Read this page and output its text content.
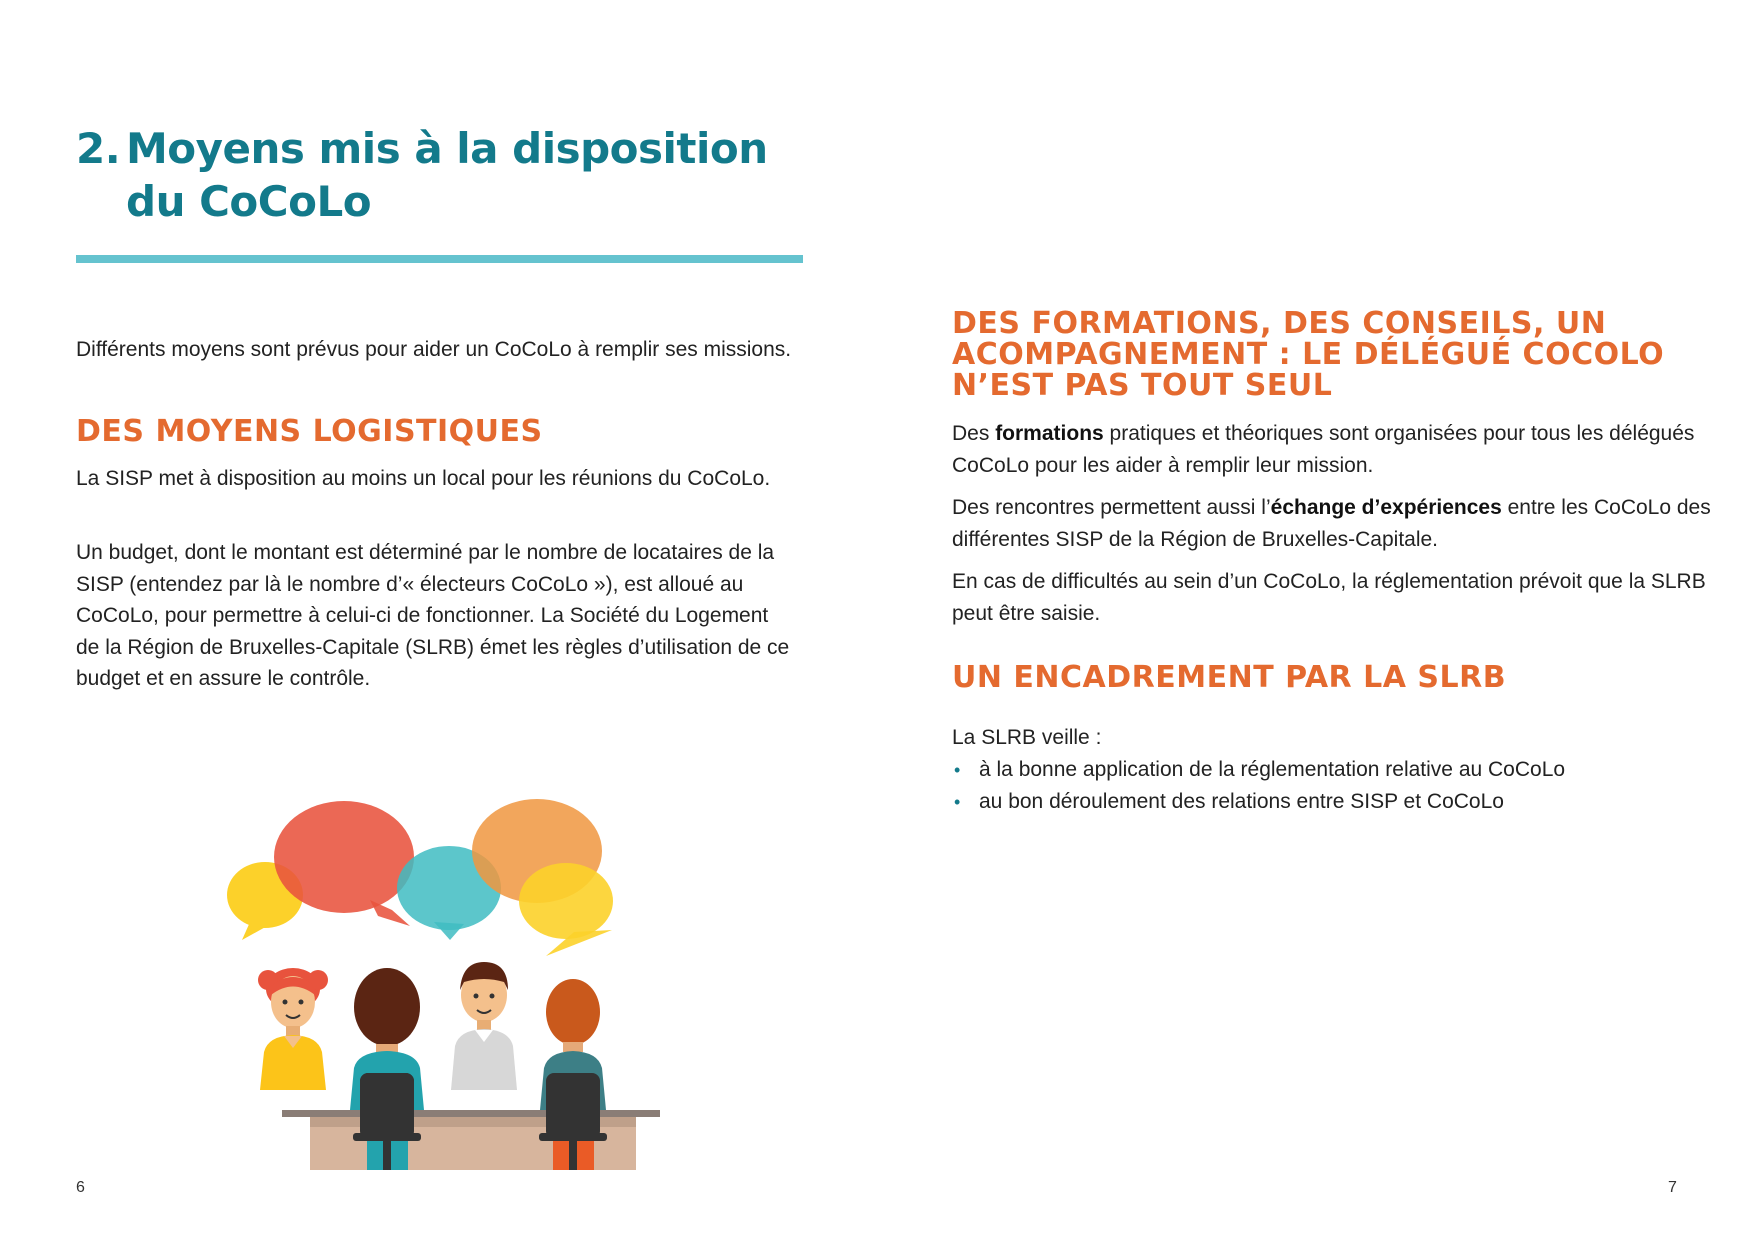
2. Moyens mis à la disposition
du CoCoLo

Différents moyens sont prévus pour aider un CoCoLo à remplir ses missions.

DES MOYENS LOGISTIQUES

La SISP met à disposition au moins un local pour les réunions du CoCoLo.

Un budget, dont le montant est déterminé par le nombre de locataires de la SISP (entendez par là le nombre d’« électeurs CoCoLo »), est alloué au CoCoLo, pour permettre à celui-ci de fonctionner. La Société du Logement de la Région de Bruxelles-Capitale (SLRB) émet les règles d’utilisation de ce budget et en assure le contrôle.

6
DES FORMATIONS, DES CONSEILS, UN ACOMPAGNEMENT : LE DÉLÉGUÉ COCOLO N’EST PAS TOUT SEUL

Des formations pratiques et théoriques sont organisées pour tous les délégués CoCoLo pour les aider à remplir leur mission.

Des rencontres permettent aussi l’échange d’expériences entre les CoCoLo des différentes SISP de la Région de Bruxelles-Capitale.

En cas de difficultés au sein d’un CoCoLo, la réglementation prévoit que la SLRB peut être saisie.

UN ENCADREMENT PAR LA SLRB

La SLRB veille :

• à la bonne application de la réglementation relative au CoCoLo
• au bon déroulement des relations entre SISP et CoCoLo
7
